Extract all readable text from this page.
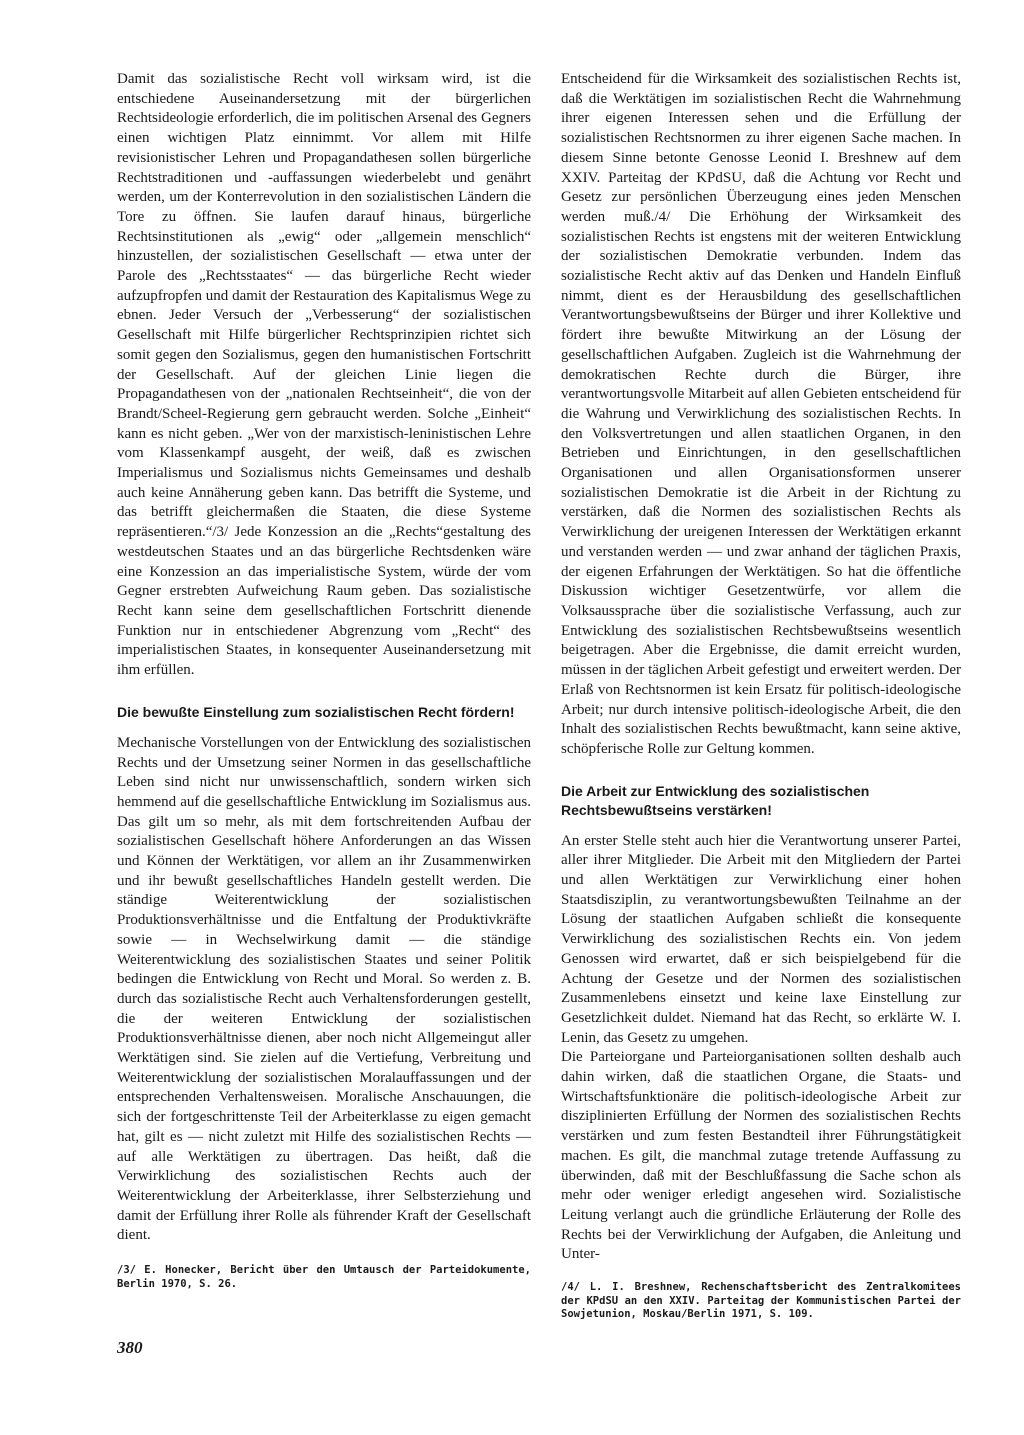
Damit das sozialistische Recht voll wirksam wird, ist die entschiedene Auseinandersetzung mit der bürgerlichen Rechtsideologie erforderlich, die im politischen Arsenal des Gegners einen wichtigen Platz einnimmt. Vor allem mit Hilfe revisionistischer Lehren und Propagandathesen sollen bürgerliche Rechtstraditionen und -auffassungen wiederbelebt und genährt werden, um der Konterrevolution in den sozialistischen Ländern die Tore zu öffnen. Sie laufen darauf hinaus, bürgerliche Rechtsinstitutionen als „ewig“ oder „allgemein menschlich“ hinzustellen, der sozialistischen Gesellschaft — etwa unter der Parole des „Rechtsstaates“ — das bürgerliche Recht wieder aufzupfropfen und damit der Restauration des Kapitalismus Wege zu ebnen. Jeder Versuch der „Verbesserung“ der sozialistischen Gesellschaft mit Hilfe bürgerlicher Rechtsprinzipien richtet sich somit gegen den Sozialismus, gegen den humanistischen Fortschritt der Gesellschaft. Auf der gleichen Linie liegen die Propagandathesen von der „nationalen Rechtseinheit“, die von der Brandt/Scheel-Regierung gern gebraucht werden. Solche „Einheit“ kann es nicht geben. „Wer von der marxistisch-leninistischen Lehre vom Klassenkampf ausgeht, der weiß, daß es zwischen Imperialismus und Sozialismus nichts Gemeinsames und deshalb auch keine Annäherung geben kann. Das betrifft die Systeme, und das betrifft gleichermaßen die Staaten, die diese Systeme repräsentieren.“/3/ Jede Konzession an die „Rechts“gestaltung des westdeutschen Staates und an das bürgerliche Rechtsdenken wäre eine Konzession an das imperialistische System, würde der vom Gegner erstrebten Aufweichung Raum geben. Das sozialistische Recht kann seine dem gesellschaftlichen Fortschritt dienende Funktion nur in entschiedener Abgrenzung vom „Recht“ des imperialistischen Staates, in konsequenter Auseinandersetzung mit ihm erfüllen.

Die bewußte Einstellung zum sozialistischen Recht fördern!

Mechanische Vorstellungen von der Entwicklung des sozialistischen Rechts und der Umsetzung seiner Normen in das gesellschaftliche Leben sind nicht nur unwissenschaftlich, sondern wirken sich hemmend auf die gesellschaftliche Entwicklung im Sozialismus aus. Das gilt um so mehr, als mit dem fortschreitenden Aufbau der sozialistischen Gesellschaft höhere Anforderungen an das Wissen und Können der Werktätigen, vor allem an ihr Zusammenwirken und ihr bewußt gesellschaftliches Handeln gestellt werden. Die ständige Weiterentwicklung der sozialistischen Produktionsverhältnisse und die Entfaltung der Produktivkräfte sowie — in Wechselwirkung damit — die ständige Weiterentwicklung des sozialistischen Staates und seiner Politik bedingen die Entwicklung von Recht und Moral. So werden z. B. durch das sozialistische Recht auch Verhaltensforderungen gestellt, die der weiteren Entwicklung der sozialistischen Produktionsverhältnisse dienen, aber noch nicht Allgemeingut aller Werktätigen sind. Sie zielen auf die Vertiefung, Verbreitung und Weiterentwicklung der sozialistischen Moralauffassungen und der entsprechenden Verhaltensweisen. Moralische Anschauungen, die sich der fortgeschrittenste Teil der Arbeiterklasse zu eigen gemacht hat, gilt es — nicht zuletzt mit Hilfe des sozialistischen Rechts — auf alle Werktätigen zu übertragen. Das heißt, daß die Verwirklichung des sozialistischen Rechts auch der Weiterentwicklung der Arbeiterklasse, ihrer Selbsterziehung und damit der Erfüllung ihrer Rolle als führender Kraft der Gesellschaft dient.

/3/ E. Honecker, Bericht über den Umtausch der Parteidokumente, Berlin 1970, S. 26.

Entscheidend für die Wirksamkeit des sozialistischen Rechts ist, daß die Werktätigen im sozialistischen Recht die Wahrnehmung ihrer eigenen Interessen sehen und die Erfüllung der sozialistischen Rechtsnormen zu ihrer eigenen Sache machen. In diesem Sinne betonte Genosse Leonid I. Breshnew auf dem XXIV. Parteitag der KPdSU, daß die Achtung vor Recht und Gesetz zur persönlichen Überzeugung eines jeden Menschen werden muß./4/ Die Erhöhung der Wirksamkeit des sozialistischen Rechts ist engstens mit der weiteren Entwicklung der sozialistischen Demokratie verbunden. Indem das sozialistische Recht aktiv auf das Denken und Handeln Einfluß nimmt, dient es der Herausbildung des gesellschaftlichen Verantwortungsbewußtseins der Bürger und ihrer Kollektive und fördert ihre bewußte Mitwirkung an der Lösung der gesellschaftlichen Aufgaben. Zugleich ist die Wahrnehmung der demokratischen Rechte durch die Bürger, ihre verantwortungsvolle Mitarbeit auf allen Gebieten entscheidend für die Wahrung und Verwirklichung des sozialistischen Rechts. In den Volksvertretungen und allen staatlichen Organen, in den Betrieben und Einrichtungen, in den gesellschaftlichen Organisationen und allen Organisationsformen unserer sozialistischen Demokratie ist die Arbeit in der Richtung zu verstärken, daß die Normen des sozialistischen Rechts als Verwirklichung der ureigenen Interessen der Werktätigen erkannt und verstanden werden — und zwar anhand der täglichen Praxis, der eigenen Erfahrungen der Werktätigen. So hat die öffentliche Diskussion wichtiger Gesetzentwürfe, vor allem die Volksaussprache über die sozialistische Verfassung, auch zur Entwicklung des sozialistischen Rechtsbewußtseins wesentlich beigetragen. Aber die Ergebnisse, die damit erreicht wurden, müssen in der täglichen Arbeit gefestigt und erweitert werden. Der Erlaß von Rechtsnormen ist kein Ersatz für politisch-ideologische Arbeit; nur durch intensive politisch-ideologische Arbeit, die den Inhalt des sozialistischen Rechts bewußtmacht, kann seine aktive, schöpferische Rolle zur Geltung kommen.

Die Arbeit zur Entwicklung des sozialistischen Rechtsbewußtseins verstärken!

An erster Stelle steht auch hier die Verantwortung unserer Partei, aller ihrer Mitglieder. Die Arbeit mit den Mitgliedern der Partei und allen Werktätigen zur Verwirklichung einer hohen Staatsdisziplin, zu verantwortungsbewußten Teilnahme an der Lösung der staatlichen Aufgaben schließt die konsequente Verwirklichung des sozialistischen Rechts ein. Von jedem Genossen wird erwartet, daß er sich beispielgebend für die Achtung der Gesetze und der Normen des sozialistischen Zusammenlebens einsetzt und keine laxe Einstellung zur Gesetzlichkeit duldet. Niemand hat das Recht, so erklärte W. I. Lenin, das Gesetz zu umgehen.

Die Parteiorgane und Parteiorganisationen sollten deshalb auch dahin wirken, daß die staatlichen Organe, die Staats- und Wirtschaftsfunktionäre die politisch-ideologische Arbeit zur disziplinierten Erfüllung der Normen des sozialistischen Rechts verstärken und zum festen Bestandteil ihrer Führungstätigkeit machen. Es gilt, die manchmal zutage tretende Auffassung zu überwinden, daß mit der Beschlußfassung die Sache schon als mehr oder weniger erledigt angesehen wird. Sozialistische Leitung verlangt auch die gründliche Erläuterung der Rolle des Rechts bei der Verwirklichung der Aufgaben, die Anleitung und Unter-

/4/ L. I. Breshnew, Rechenschaftsbericht des Zentralkomitees der KPdSU an den XXIV. Parteitag der Kommunistischen Partei der Sowjetunion, Moskau/Berlin 1971, S. 109.

380
